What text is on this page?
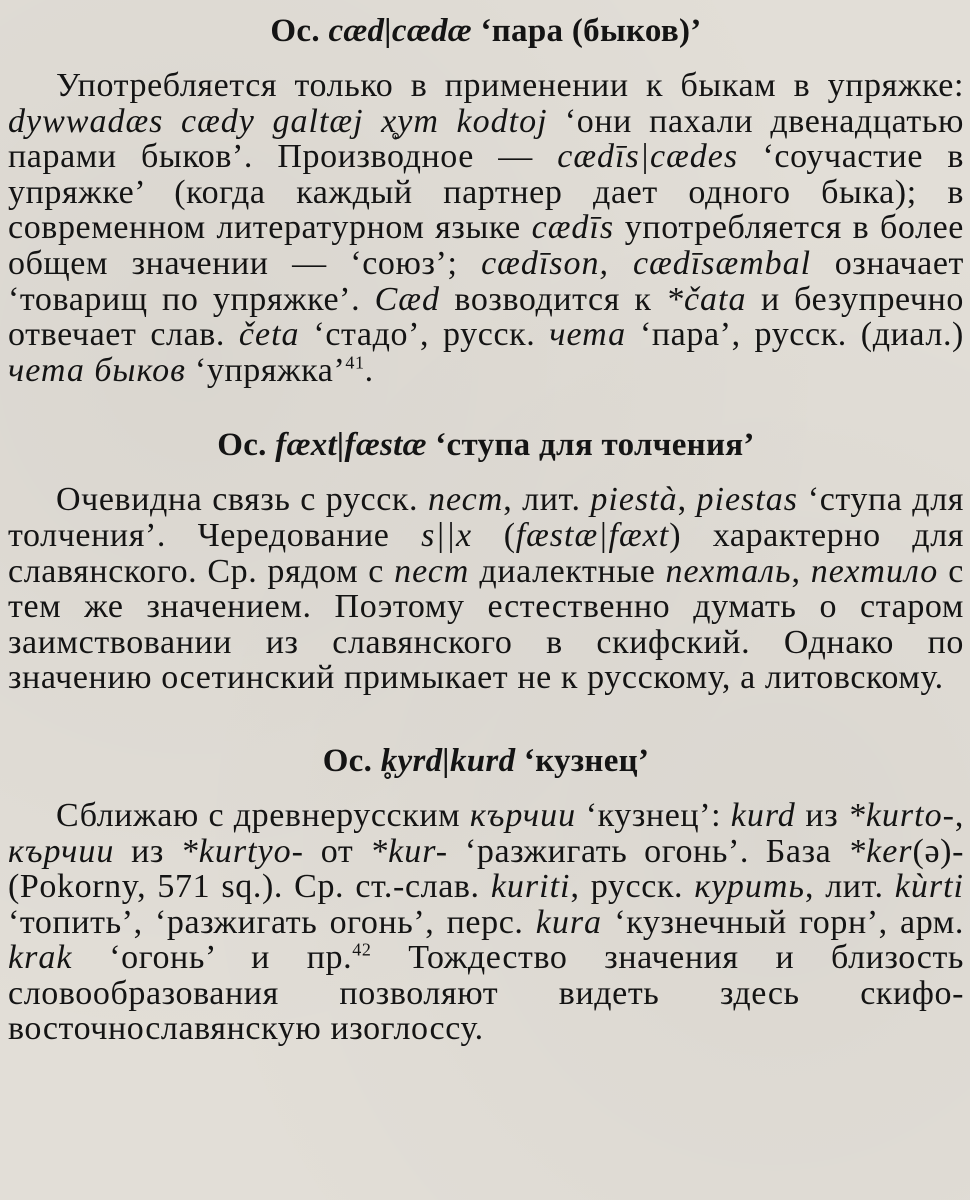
Ос. cæd|cædæ ‘пара (быков)’

Употребляется только в применении к быкам в упряжке: dywwadæs cædy galtæj x̥ym kodtoj ‘они пахали двенадцатью парами быков’. Производное — cædīs|cædes ‘соучастие в упряжке’ (когда каждый партнер дает одного быка); в современном литературном языке cædīs употребляется в более общем значении — ‘союз’; cædīson, cædīsæmbal означает ‘товарищ по упряжке’. Cæd возводится к *čata и безупречно отвечает слав. četa ‘стадо’, русск. чета ‘пара’, русск. (диал.) чета быков ‘упряжка’$^{41}$.

Ос. fæxt|fæstæ ‘ступа для толчения’

Очевидна связь с русск. пест, лит. piestà, piestas ‘ступа для толчения’. Чередование s||x (fæstæ|fæxt) характерно для славянского. Ср. рядом с пест диалектные пехталь, пехтило с тем же значением. Поэтому естественно думать о старом заимствовании из славянского в скифский. Однако по значению осетинский примыкает не к русскому, а литовскому.

Ос. k̥yrd|kurd ‘кузнец’

Сближаю с древнерусским кърчии ‘кузнец’: kurd из *kurto-, кърчии из *kurtyo- от *kur- ‘разжигать огонь’. База *ker(ə)- (Pokorny, 571 sq.). Ср. ст.-слав. kuriti, русск. курить, лит. kùrti ‘топить’, ‘разжигать огонь’, перс. kura ‘кузнечный горн’, арм. krak ‘огонь’ и пр.$^{42}$ Тождество значения и близость словообразования позволяют видеть здесь скифо-восточнославянскую изоглоссу.
